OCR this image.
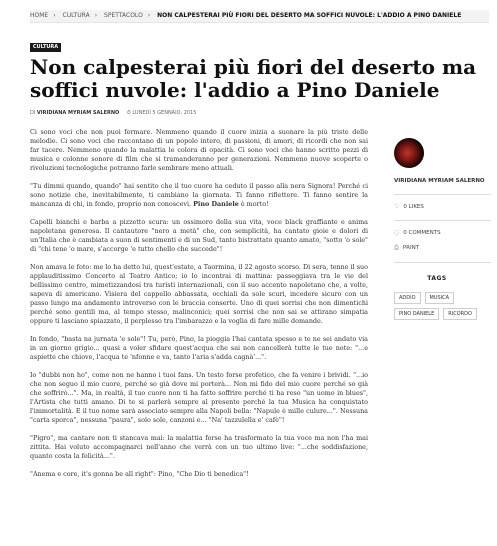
HOME › CULTURA › SPETTACOLO › NON CALPESTERAI PIÙ FIORI DEL DESERTO MA SOFFICI NUVOLE: L'ADDIO A PINO DANIELE
CULTURA
Non calpesterai più fiori del deserto ma soffici nuvole: l'addio a Pino Daniele
DI VIRIDIANA MYRIAM SALERNO ⏱ LUNEDÌ 5 GENNAIO, 2015

Ci sono voci che non puoi fermare. Nemmeno quando il cuore inizia a suonare la più triste delle melodie. Ci sono voci che raccontano di un popolo intero, di passioni, di amori, di ricordi che non sai far tacere. Nemmeno quando la malattia le colora di opacità. Ci sono voci che hanno scritto pezzi di musica e colonne sonore di film che si tramanderanno per generazioni. Nemmeno nuove scoperte o rivoluzioni tecnologiche potranno farle sembrare meno attuali.

"Tu dimmi quando, quando" hai sentito che il tuo cuore ha ceduto il passo alla nera Signora! Perché ci sono notizie che, inevitabilmente, ti cambiano la giornata. Ti fanno riflettere. Ti fanno sentire la mancanza di chi, in fondo, proprio non conoscevi. Pino Daniele è morto!

Capelli bianchi e barba a pizzetto scura: un ossimoro della sua vita, voce black graffiante e anima napoletana generosa. Il cantautore "nero a metà" che, con semplicità, ha cantato gioie e dolori di un'Italia che è cambiata a suon di sentimenti e di un Sud, tanto bistrattato quanto amato, "sotto 'o sole" di "chi tene 'o mare, s'accorge 'e tutto chello che succede"!

Non amava le foto: me lo ha detto lui, quest'estate, a Taormina, il 22 agosto scorso. Di sera, tenne il suo applauditissimo Concerto al Teatro Antico; io lo incontrai di mattina: passeggiava tra le vie del bellissimo centro, mimetizzandosi tra turisti internazionali, con il suo accento napoletano che, a volte, sapeva di americano. Visiera del cappello abbassata, occhiali da sole scuri, incedere sicuro con un passo lungo ma andamento introverso con le braccia conserte. Uno di quei sorrisi che non dimentichi perché sono gentili ma, al tempo stesso, malinconici; quei sorrisi che non sai se attirano simpatia oppure ti lasciano spiazzato, il perplesso tra l'imbarazzo e la voglia di fare mille domande.

In fondo, "basta na jurnata 'e sole"! Tu, però, Pino, la pioggia l'hai cantata spesso e te ne sei andato via in un giorno grigio... quasi a voler sfidare quest'acqua che sai non cancellerà tutte le tue note: "...e aspiette che chiove, l'acqua te 'nfonne e va, tanto l'aria s'adda cagnà'...".

Io "dubbi non ho", come non ne hanno i tuoi fans. Un testo forse profetico, che fa venire i brividi. "...io che non seguo il mio cuore, perché so già dove mi porterà... Non mi fido del mio cuore perché so già che soffrirò...". Ma, in realtà, il tuo cuore non ti ha fatto soffrire perché ti ha reso "un uomo in blues", l'Artista che tutti amano. Di te si parlerà sempre al presente perché la tua Musica ha conquistato l'immortalità. E il tuo nome sarà associato sempre alla Napoli bella: "Napule è mille culure...". Nessuna "carta sporca", nessuna "paura", solo sole, canzoni e... "Na' tazzulella e' cafè"!

"Pigro", ma cantare non ti stancava mai: la malattia forse ha trasformato la tua voce ma non l'ha mai zittita. Hai voluto accompagnarci nell'anno che verrà con un tuo ultimo live: "...che soddisfazione, quanto costa la felicità...".

"Anema e core, it's gonna be all right": Pino, "Che Dio ti benedica"!

VIRIDIANA MYRIAM SALERNO
♡ 0 LIKES
◌ 0 COMMENTS
⎙ PRINT
TAGS
ADDIO	MUSICA
PINO DANIELE	RICORDO
